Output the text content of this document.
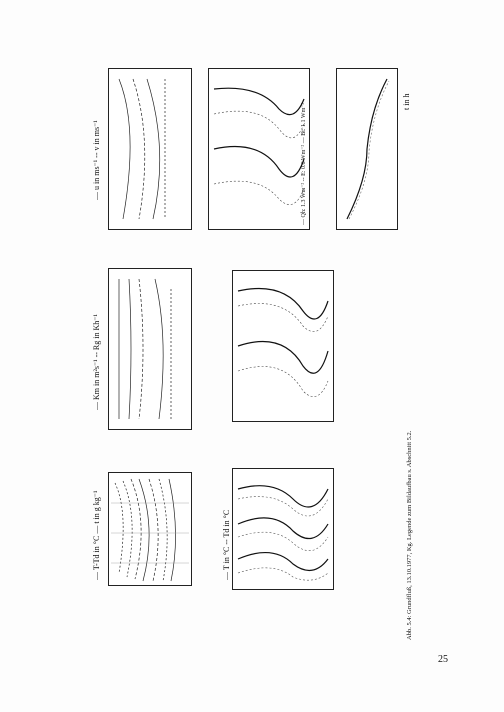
— T-Td in °C — t in g kg⁻¹	— T in °C -- Td in °C
— Km in m²s⁻¹ -- Rg in Kh⁻¹
— u in ms⁻¹ -- v in ms⁻¹	— Qh: 1.3 Wm⁻² -- E: 0.6 Wm⁻² — Bt: 1.1 Wm⁻²
t in h
Abb. 5.4: Grundfluß, 13.10.1977, Kg. Legende zum Bildaufbau s. Abschnitt 5.2.
25
